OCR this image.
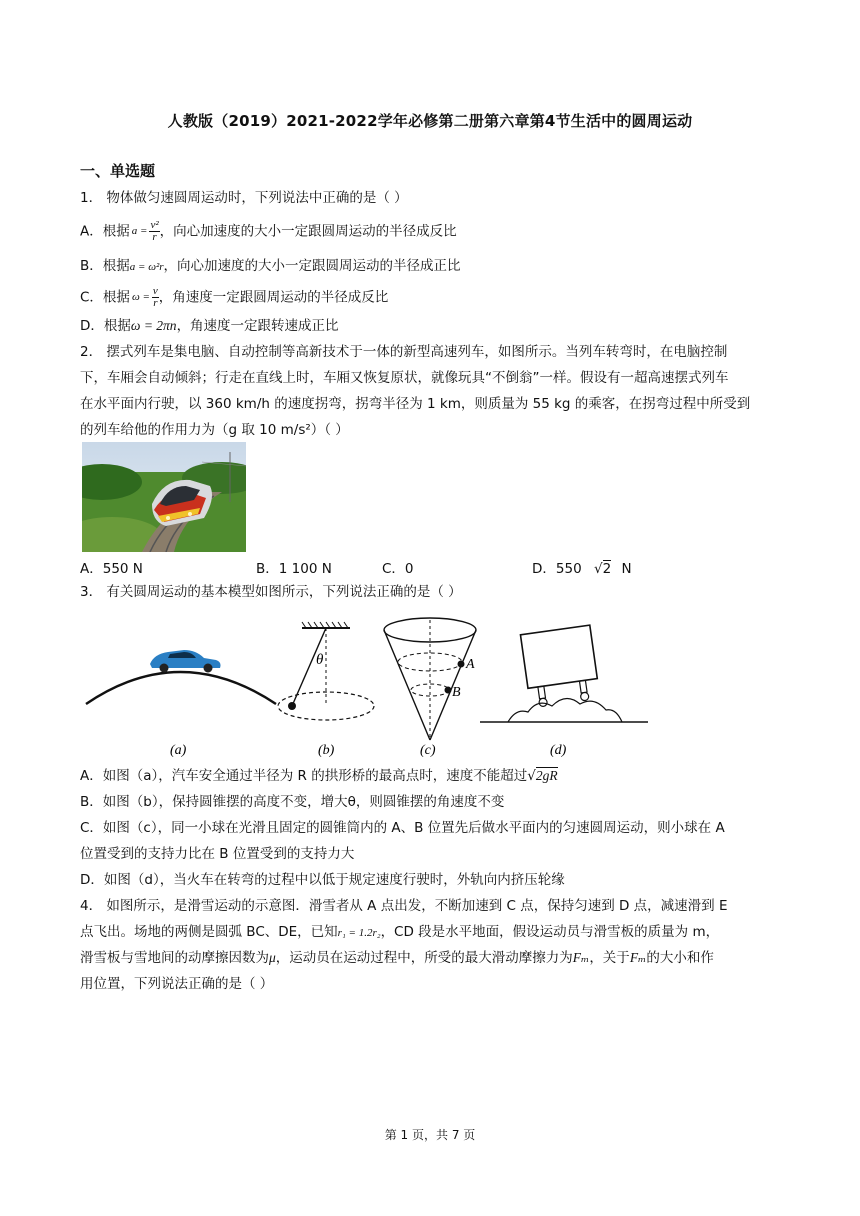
人教版（2019）2021-2022学年必修第二册第六章第4节生活中的圆周运动
一、单选题
1． 物体做匀速圆周运动时，下列说法中正确的是（ ）
A．根据 $a = \frac{\text{v²}}{r}$ ，向心加速度的大小一定跟圆周运动的半径成反比
B．根据a = ω²r，向心加速度的大小一定跟圆周运动的半径成正比
C．根据 $\omega = \frac{v}{r}$ ，角速度一定跟圆周运动的半径成反比
D．根据ω = 2πn，角速度一定跟转速成正比
2． 摆式列车是集电脑、自动控制等高新技术于一体的新型高速列车，如图所示。当列车转弯时，在电脑控制
下，车厢会自动倾斜；行走在直线上时，车厢又恢复原状，就像玩具“不倒翁”一样。假设有一超高速摆式列车
在水平面内行驶，以 360 km/h 的速度拐弯，拐弯半径为 1 km，则质量为 55 kg 的乘客，在拐弯过程中所受到
的列车给他的作用力为（g 取 10 m/s²）（ ）
A．550 N	B．1 100 N	C．0	D．550 √2 N
3． 有关圆周运动的基本模型如图所示，下列说法正确的是（ ）
θ	A
B
(a)	(b)	(c)	(d)
A．如图（a），汽车安全通过半径为 R 的拱形桥的最高点时，速度不能超过√2gR
B．如图（b），保持圆锥摆的高度不变，增大θ，则圆锥摆的角速度不变
C．如图（c），同一小球在光滑且固定的圆锥筒内的 A、B 位置先后做水平面内的匀速圆周运动，则小球在 A
位置受到的支持力比在 B 位置受到的支持力大
D．如图（d），当火车在转弯的过程中以低于规定速度行驶时，外轨向内挤压轮缘
4． 如图所示，是滑雪运动的示意图．滑雪者从 A 点出发，不断加速到 C 点，保持匀速到 D 点，减速滑到 E
点飞出。场地的两侧是圆弧 BC、DE，已知r₁ = 1.2r₂，CD 段是水平地面，假设运动员与滑雪板的质量为 m，
滑雪板与雪地间的动摩擦因数为μ，运动员在运动过程中，所受的最大滑动摩擦力为Fₘ，关于Fₘ的大小和作
用位置，下列说法正确的是（ ）
第 1 页，共 7 页
